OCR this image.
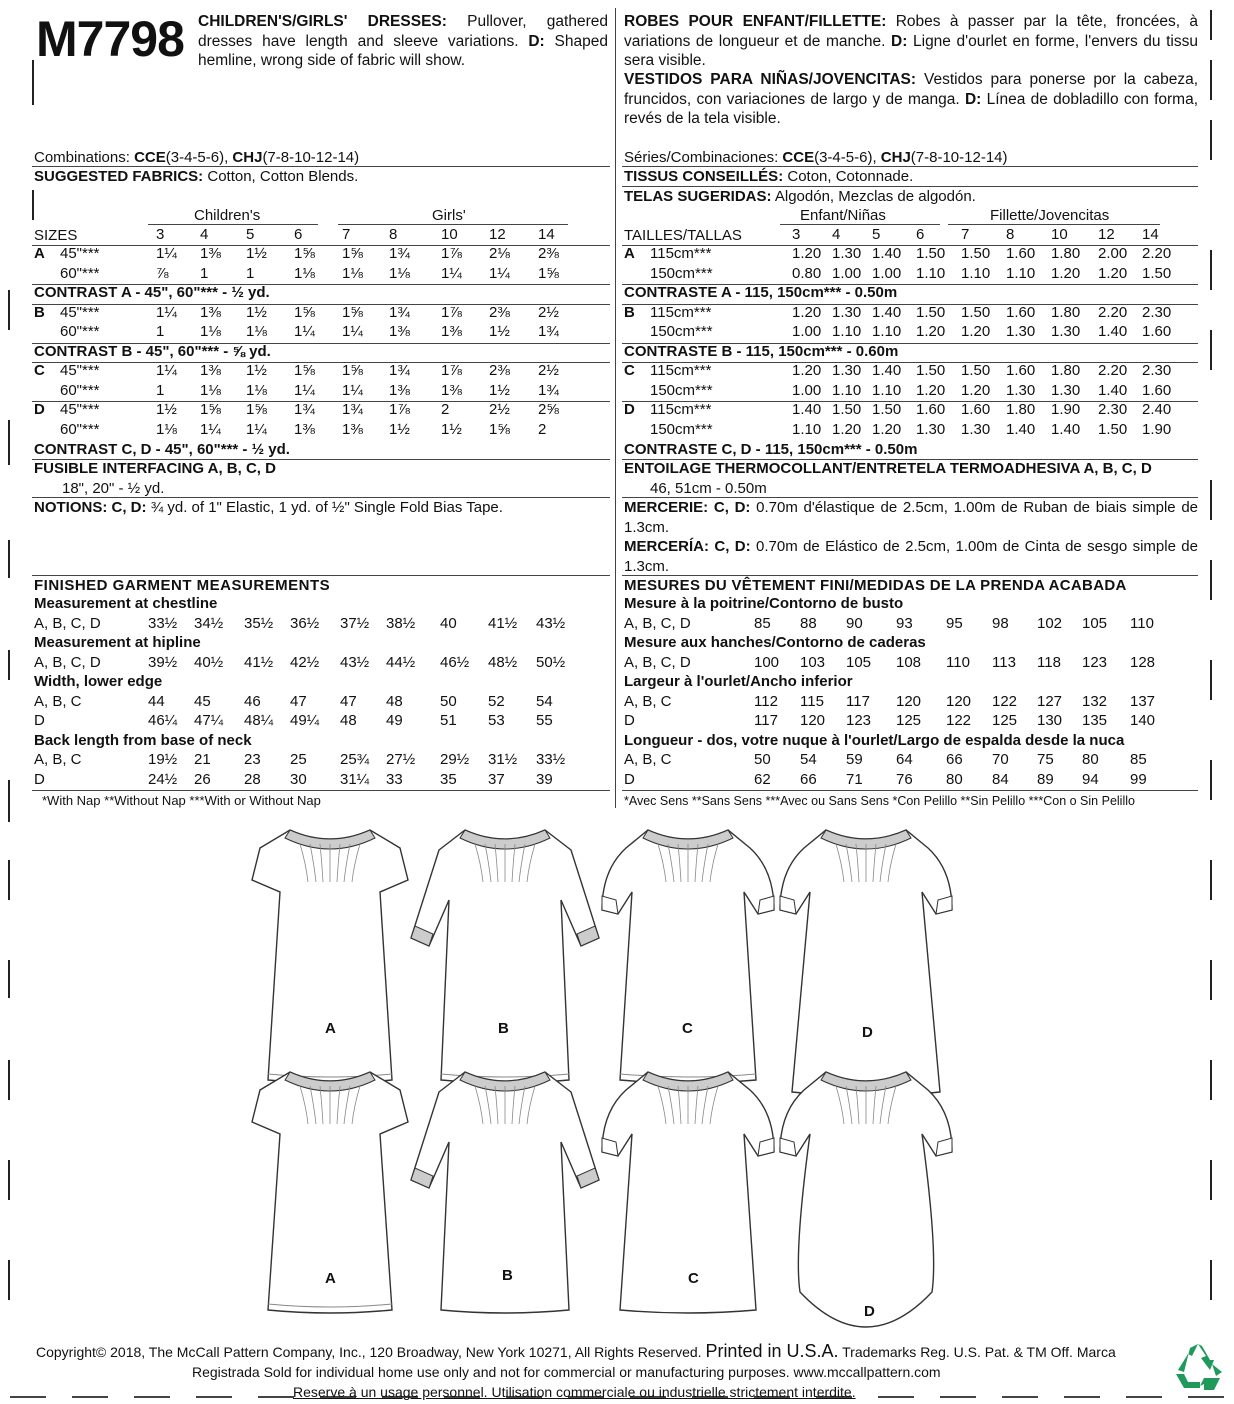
M7798 CHILDREN'S/GIRLS' DRESSES: Pullover, gathered dresses have length and sleeve variations. D: Shaped hemline, wrong side of fabric will show.
ROBES POUR ENFANT/FILLETTE: Robes à passer par la tête, froncées, à variations de longueur et de manche. D: Ligne d'ourlet en forme, l'envers du tissu sera visible.
VESTIDOS PARA NIÑAS/JOVENCITAS: Vestidos para ponerse por la cabeza, fruncidos, con variaciones de largo y de manga. D: Línea de dobladillo con forma, revés de la tela visible.
Combinations: CCE(3-4-5-6), CHJ(7-8-10-12-14)
SUGGESTED FABRICS: Cotton, Cotton Blends.
Children's	Girls'
SIZES	3 4	5	6	7	8	10 12 14
A 45"***	1¼ 1⅜ 1½ 1⅝ 1⅝ 1¾ 1⅞ 2⅛ 2⅜
60"***	⅞ 1	1	1⅛ 1⅛ 1⅛ 1¼ 1¼ 1⅝
CONTRAST A - 45", 60"*** - ½ yd.
B 45"***	1¼ 1⅜ 1½ 1⅝ 1⅝ 1¾ 1⅞ 2⅜ 2½
60"***	1 1⅛ 1⅛ 1¼ 1¼ 1⅜ 1⅜ 1½ 1¾
CONTRAST B - 45", 60"*** - ⅝ yd.
C 45"***	1¼ 1⅜ 1½ 1⅝ 1⅝ 1¾ 1⅞ 2⅜ 2½
60"***	1 1⅛ 1⅛ 1¼ 1¼ 1⅜ 1⅜ 1½ 1¾
D 45"***	1½ 1⅝ 1⅝ 1¾ 1¾ 1⅞ 2	2½ 2⅝
60"***	1⅛ 1¼ 1¼ 1⅜ 1⅜ 1½ 1½ 1⅝ 2
Séries/Combinaciones: CCE(3-4-5-6), CHJ(7-8-10-12-14)
TISSUS CONSEILLÉS: Coton, Cotonnade.
TELAS SUGERIDAS: Algodón, Mezclas de algodón.
Enfant/Niñas	Fillette/Jovencitas
TAILLES/TALLAS	3 4 5 6 7 8 10 12 14
A 115cm***	1.20 1.30 1.40 1.50 1.50 1.60 1.80 2.00 2.20
150cm***	0.80 1.00 1.00 1.10 1.10 1.10 1.20 1.20 1.50
CONTRASTE A - 115, 150cm*** - 0.50m
B 115cm***	1.20 1.30 1.40 1.50 1.50 1.60 1.80 2.20 2.30
150cm***	1.00 1.10 1.10 1.20 1.20 1.30 1.30 1.40 1.60
CONTRASTE B - 115, 150cm*** - 0.60m
C 115cm***	1.20 1.30 1.40 1.50 1.50 1.60 1.80 2.20 2.30
150cm***	1.00 1.10 1.10 1.20 1.20 1.30 1.30 1.40 1.60
D 115cm***	1.40 1.50 1.50 1.60 1.60 1.80 1.90 2.30 2.40
150cm***	1.10 1.20 1.20 1.30 1.30 1.40 1.40 1.50 1.90
CONTRAST C, D - 45", 60"*** - ½ yd.
FUSIBLE INTERFACING A, B, C, D
18", 20" - ½ yd.
NOTIONS: C, D: ¾ yd. of 1" Elastic, 1 yd. of ½" Single Fold Bias Tape.
CONTRASTE C, D - 115, 150cm*** - 0.50m
ENTOILAGE THERMOCOLLANT/ENTRETELA TERMOADHESIVA A, B, C, D
46, 51cm - 0.50m
MERCERIE: C, D: 0.70m d'élastique de 2.5cm, 1.00m de Ruban de biais simple de 1.3cm.
MERCERÍA: C, D: 0.70m de Elástico de 2.5cm, 1.00m de Cinta de sesgo simple de 1.3cm.
FINISHED GARMENT MEASUREMENTS
Measurement at chestline
A, B, C, D	33½ 34½ 35½ 36½ 37½ 38½ 40 41½ 43½
Measurement at hipline
A, B, C, D	39½ 40½ 41½ 42½ 43½ 44½ 46½ 48½ 50½
Width, lower edge
A, B, C	44 45 46 47 47 48 50 52 54
D	46¼ 47¼ 48¼ 49¼ 48 49 51 53 55
Back length from base of neck
A, B, C	19½ 21 23 25 25¾ 27½ 29½ 31½ 33½
D	24½ 26 28 30 31¼ 33 35 37 39
*With Nap **Without Nap ***With or Without Nap
MESURES DU VÊTEMENT FINI/MEDIDAS DE LA PRENDA ACABADA
Mesure à la poitrine/Contorno de busto
A, B, C, D	85 88 90 93 95 98 102 105 110
Mesure aux hanches/Contorno de caderas
A, B, C, D	100 103 105 108 110 113 118 123 128
Largeur à l'ourlet/Ancho inferior
A, B, C	112 115 117 120 120 122 127 132 137
D	117 120 123 125 122 125 130 135 140
Longueur - dos, votre nuque à l'ourlet/Largo de espalda desde la nuca
A, B, C	50 54 59 64 66 70 75 80 85
D	62 66 71 76 80 84 89 94 99
*Avec Sens **Sans Sens ***Avec ou Sans Sens *Con Pelillo **Sin Pelillo ***Con o Sin Pelillo
A	B	C	D
A	B	C
D
Copyright© 2018, The McCall Pattern Company, Inc., 120 Broadway, New York 10271, All Rights Reserved. Printed in U.S.A. Trademarks Reg. U.S. Pat. & TM Off. Marca
Registrada Sold for individual home use only and not for commercial or manufacturing purposes. www.mccallpattern.com
Reserve à un usage personnel. Utilisation commerciale ou industrielle strictement interdite.
